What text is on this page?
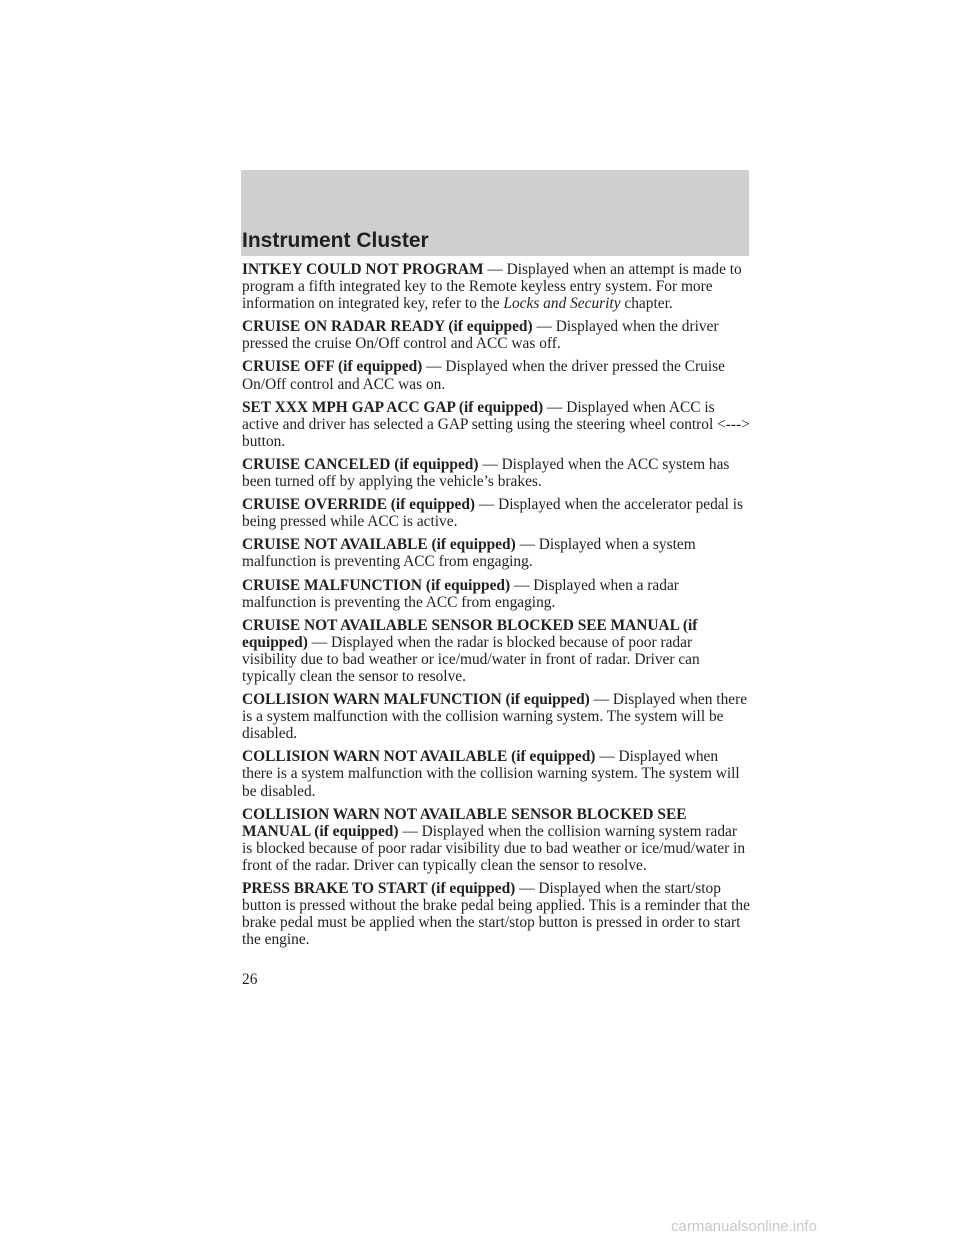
Instrument Cluster

INTKEY COULD NOT PROGRAM — Displayed when an attempt is made to program a fifth integrated key to the Remote keyless entry system. For more information on integrated key, refer to the Locks and Security chapter.

CRUISE ON RADAR READY (if equipped) — Displayed when the driver pressed the cruise On/Off control and ACC was off.

CRUISE OFF (if equipped) — Displayed when the driver pressed the Cruise On/Off control and ACC was on.

SET XXX MPH GAP ACC GAP (if equipped) — Displayed when ACC is active and driver has selected a GAP setting using the steering wheel control <---> button.

CRUISE CANCELED (if equipped) — Displayed when the ACC system has been turned off by applying the vehicle’s brakes.

CRUISE OVERRIDE (if equipped) — Displayed when the accelerator pedal is being pressed while ACC is active.

CRUISE NOT AVAILABLE (if equipped) — Displayed when a system malfunction is preventing ACC from engaging.

CRUISE MALFUNCTION (if equipped) — Displayed when a radar malfunction is preventing the ACC from engaging.

CRUISE NOT AVAILABLE SENSOR BLOCKED SEE MANUAL (if equipped) — Displayed when the radar is blocked because of poor radar visibility due to bad weather or ice/mud/water in front of radar. Driver can typically clean the sensor to resolve.

COLLISION WARN MALFUNCTION (if equipped) — Displayed when there is a system malfunction with the collision warning system. The system will be disabled.

COLLISION WARN NOT AVAILABLE (if equipped) — Displayed when there is a system malfunction with the collision warning system. The system will be disabled.

COLLISION WARN NOT AVAILABLE SENSOR BLOCKED SEE MANUAL (if equipped) — Displayed when the collision warning system radar is blocked because of poor radar visibility due to bad weather or ice/mud/water in front of the radar. Driver can typically clean the sensor to resolve.

PRESS BRAKE TO START (if equipped) — Displayed when the start/stop button is pressed without the brake pedal being applied. This is a reminder that the brake pedal must be applied when the start/stop button is pressed in order to start the engine.

26
carmanualsonline.info
